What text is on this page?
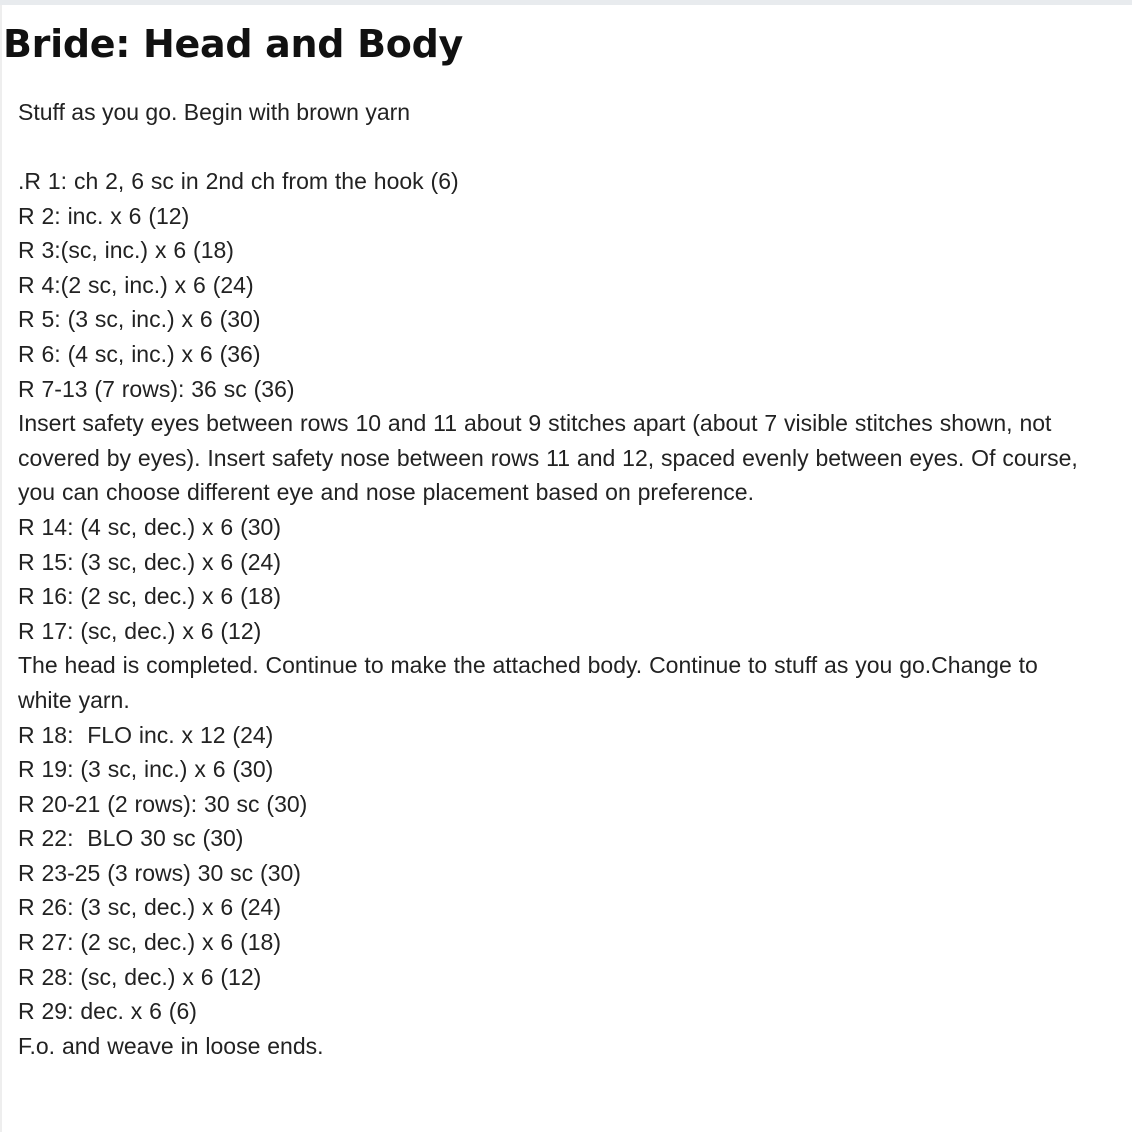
Bride: Head and Body
Stuff as you go. Begin with brown yarn
.R 1: ch 2, 6 sc in 2nd ch from the hook (6)
R 2: inc. x 6 (12)
R 3:(sc, inc.) x 6 (18)
R 4:(2 sc, inc.) x 6 (24)
R 5: (3 sc, inc.) x 6 (30)
R 6: (4 sc, inc.) x 6 (36)
R 7-13 (7 rows): 36 sc (36)
Insert safety eyes between rows 10 and 11 about 9 stitches apart (about 7 visible stitches shown, not covered by eyes). Insert safety nose between rows 11 and 12, spaced evenly between eyes. Of course, you can choose different eye and nose placement based on preference.
R 14: (4 sc, dec.) x 6 (30)
R 15: (3 sc, dec.) x 6 (24)
R 16: (2 sc, dec.) x 6 (18)
R 17: (sc, dec.) x 6 (12)
The head is completed. Continue to make the attached body. Continue to stuff as you go.Change to white yarn.
R 18:  FLO inc. x 12 (24)
R 19: (3 sc, inc.) x 6 (30)
R 20-21 (2 rows): 30 sc (30)
R 22:  BLO 30 sc (30)
R 23-25 (3 rows) 30 sc (30)
R 26: (3 sc, dec.) x 6 (24)
R 27: (2 sc, dec.) x 6 (18)
R 28: (sc, dec.) x 6 (12)
R 29: dec. x 6 (6)
F.o. and weave in loose ends.
